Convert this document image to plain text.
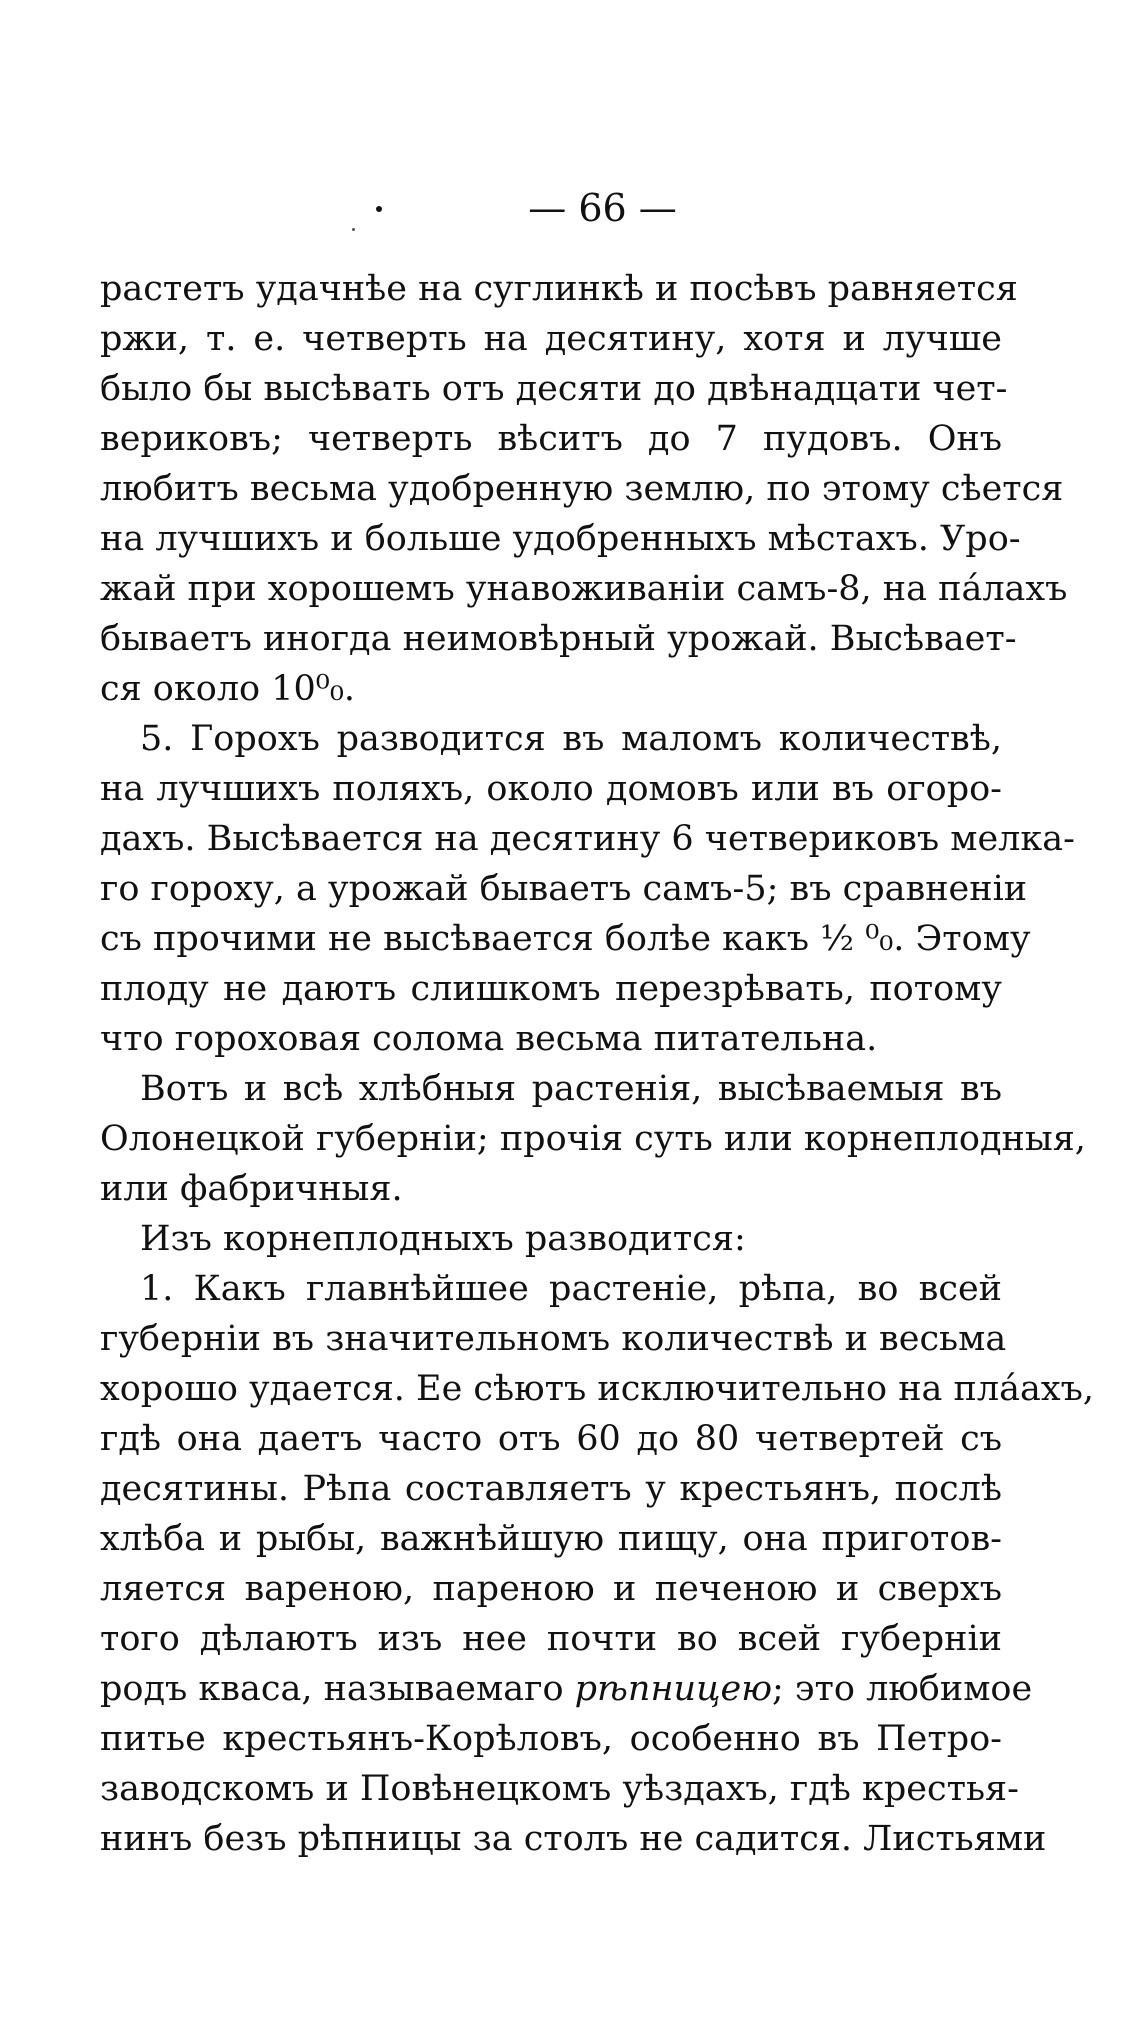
— 66 —
растетъ удачнѣе на суглинкѣ и посѣвъ равняется
ржи, т. е. четверть на десятину, хотя и лучше
было бы высѣвать отъ десяти до двѣнадцати чет-
вериковъ; четверть вѣситъ до 7 пудовъ. Онъ
любитъ весьма удобренную землю, по этому сѣется
на лучшихъ и больше удобренныхъ мѣстахъ. Уро-
жай при хорошемъ унавоживаніи самъ-8, на пáлахъ
бываетъ иногда неимовѣрный урожай. Высѣвает-
ся около 10⁰₀.
5. Горохъ разводится въ маломъ количествѣ,
на лучшихъ поляхъ, около домовъ или въ огоро-
дахъ. Высѣвается на десятину 6 четвериковъ мелка-
го гороху, а урожай бываетъ самъ-5; въ сравненіи
съ прочими не высѣвается болѣе какъ ½ ⁰₀. Этому
плоду не даютъ слишкомъ перезрѣвать, потому
что гороховая солома весьма питательна.
Вотъ и всѣ хлѣбныя растенія, высѣваемыя въ
Олонецкой губерніи; прочія суть или корнеплодныя,
или фабричныя.
Изъ корнеплодныхъ разводится:
1. Какъ главнѣйшее растеніе, рѣпа, во всей
губерніи въ значительномъ количествѣ и весьма
хорошо удается. Ее сѣютъ исключительно на плáахъ,
гдѣ она даетъ часто отъ 60 до 80 четвертей съ
десятины. Рѣпа составляетъ у крестьянъ, послѣ
хлѣба и рыбы, важнѣйшую пищу, она приготов-
ляется вареною, пареною и печеною и сверхъ
того дѣлаютъ изъ нее почти во всей губерніи
родъ кваса, называемаго рѣпницею; это любимое
питье крестьянъ-Корѣловъ, особенно въ Петро-
заводскомъ и Повѣнецкомъ уѣздахъ, гдѣ крестья-
нинъ безъ рѣпницы за столъ не садится. Листьями
